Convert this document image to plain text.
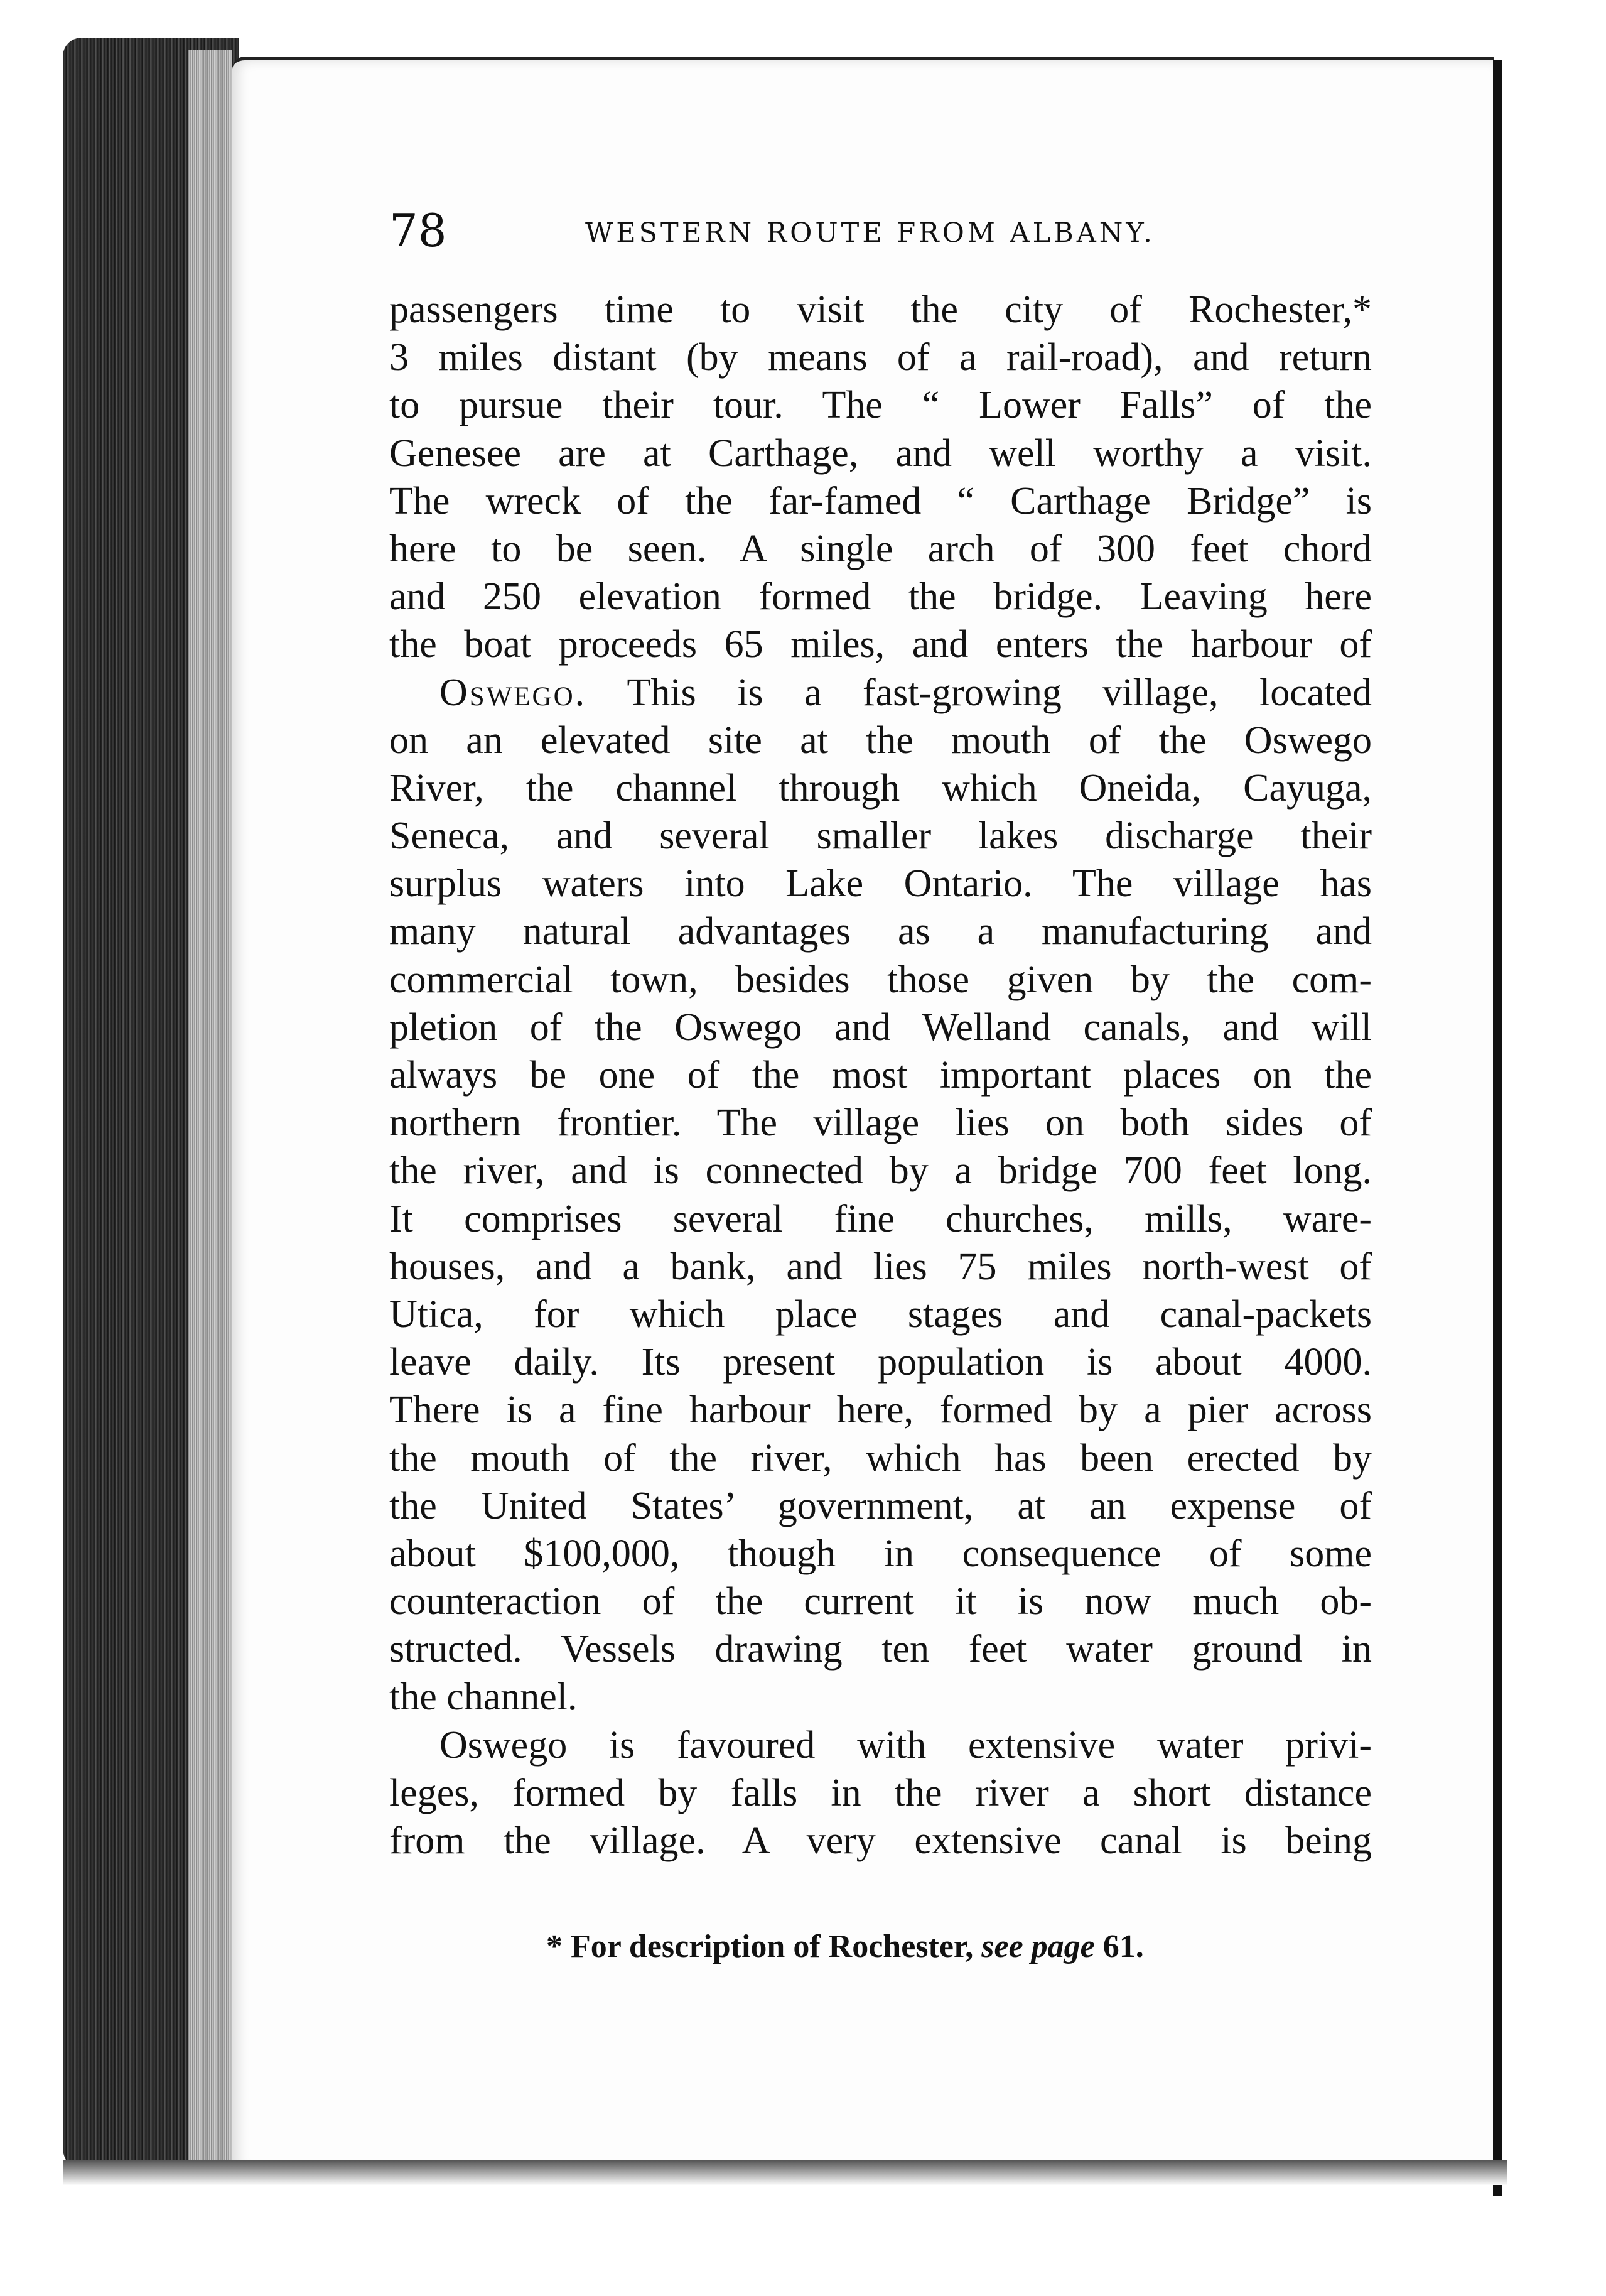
78	WESTERN ROUTE FROM ALBANY.
passengers time to visit the city of Rochester,*
3 miles distant (by means of a rail-road), and return
to pursue their tour. The “ Lower Falls” of the
Genesee are at Carthage, and well worthy a visit.
The wreck of the far-famed “ Carthage Bridge” is
here to be seen. A single arch of 300 feet chord
and 250 elevation formed the bridge. Leaving here
the boat proceeds 65 miles, and enters the harbour of
Oswego. This is a fast-growing village, located
on an elevated site at the mouth of the Oswego
River, the channel through which Oneida, Cayuga,
Seneca, and several smaller lakes discharge their
surplus waters into Lake Ontario. The village has
many natural advantages as a manufacturing and
commercial town, besides those given by the com-
pletion of the Oswego and Welland canals, and will
always be one of the most important places on the
northern frontier. The village lies on both sides of
the river, and is connected by a bridge 700 feet long.
It comprises several fine churches, mills, ware-
houses, and a bank, and lies 75 miles north-west of
Utica, for which place stages and canal-packets
leave daily. Its present population is about 4000.
There is a fine harbour here, formed by a pier across
the mouth of the river, which has been erected by
the United States’ government, at an expense of
about $100,000, though in consequence of some
counteraction of the current it is now much ob-
structed. Vessels drawing ten feet water ground in
the channel.
Oswego is favoured with extensive water privi-
leges, formed by falls in the river a short distance
from the village. A very extensive canal is being
* For description of Rochester, see page 61.
